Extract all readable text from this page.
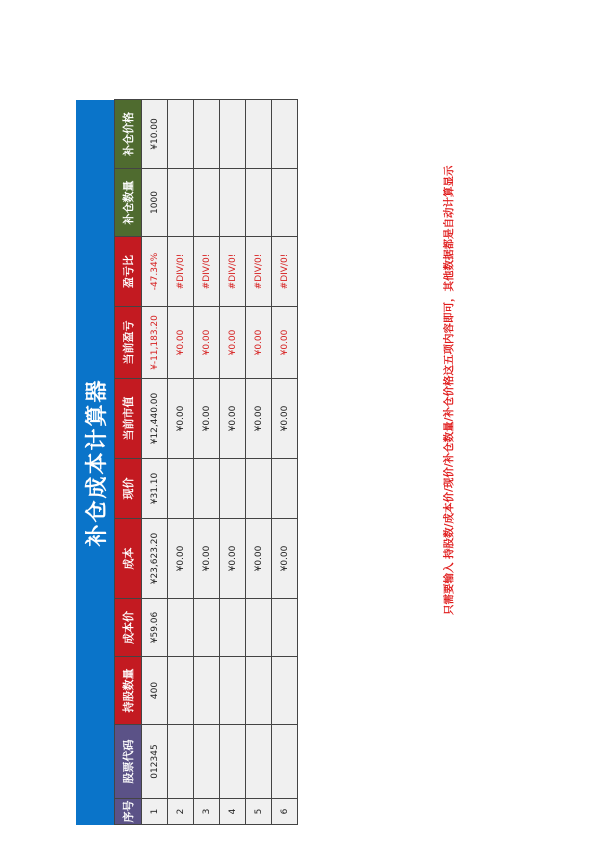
补仓成本计算器
序号	股票代码	持股数量	成本价	成本	现价	当前市值	当前盈亏	盈亏比	补仓数量	补仓价格
1	012345	400	¥59.06	¥23,623.20	¥31.10	¥12,440.00	¥-11,183.20	-47.34%	1000	¥10.00
2				¥0.00		¥0.00	¥0.00	#DIV/0!		
3				¥0.00		¥0.00	¥0.00	#DIV/0!		
4				¥0.00		¥0.00	¥0.00	#DIV/0!		
5				¥0.00		¥0.00	¥0.00	#DIV/0!		
6				¥0.00		¥0.00	¥0.00	#DIV/0!			只需要输入 持股数/成本价/现价/补仓数量/补仓价格这五项内容即可，其他数据都是自动计算显示
